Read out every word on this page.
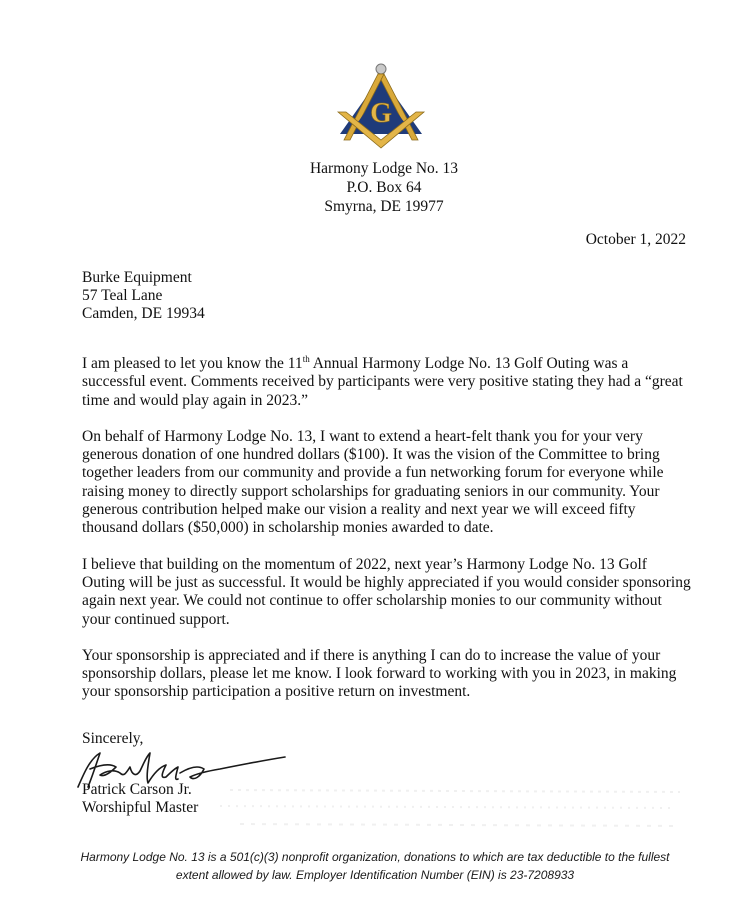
G
Harmony Lodge No. 13
P.O. Box 64
Smyrna, DE 19977
October 1, 2022
Burke Equipment
57 Teal Lane
Camden, DE 19934

I am pleased to let you know the 11th Annual Harmony Lodge No. 13 Golf Outing was a successful event. Comments received by participants were very positive stating they had a “great time and would play again in 2023.”

On behalf of Harmony Lodge No. 13, I want to extend a heart-felt thank you for your very generous donation of one hundred dollars ($100). It was the vision of the Committee to bring together leaders from our community and provide a fun networking forum for everyone while raising money to directly support scholarships for graduating seniors in our community. Your generous contribution helped make our vision a reality and next year we will exceed fifty thousand dollars ($50,000) in scholarship monies awarded to date.

I believe that building on the momentum of 2022, next year’s Harmony Lodge No. 13 Golf Outing will be just as successful. It would be highly appreciated if you would consider sponsoring again next year. We could not continue to offer scholarship monies to our community without your continued support.

Your sponsorship is appreciated and if there is anything I can do to increase the value of your sponsorship dollars, please let me know. I look forward to working with you in 2023, in making your sponsorship participation a positive return on investment.

Sincerely,
Patrick Carson Jr.
Worshipful Master
Harmony Lodge No. 13 is a 501(c)(3) nonprofit organization, donations to which are tax deductible to the fullest
extent allowed by law. Employer Identification Number (EIN) is 23-7208933
